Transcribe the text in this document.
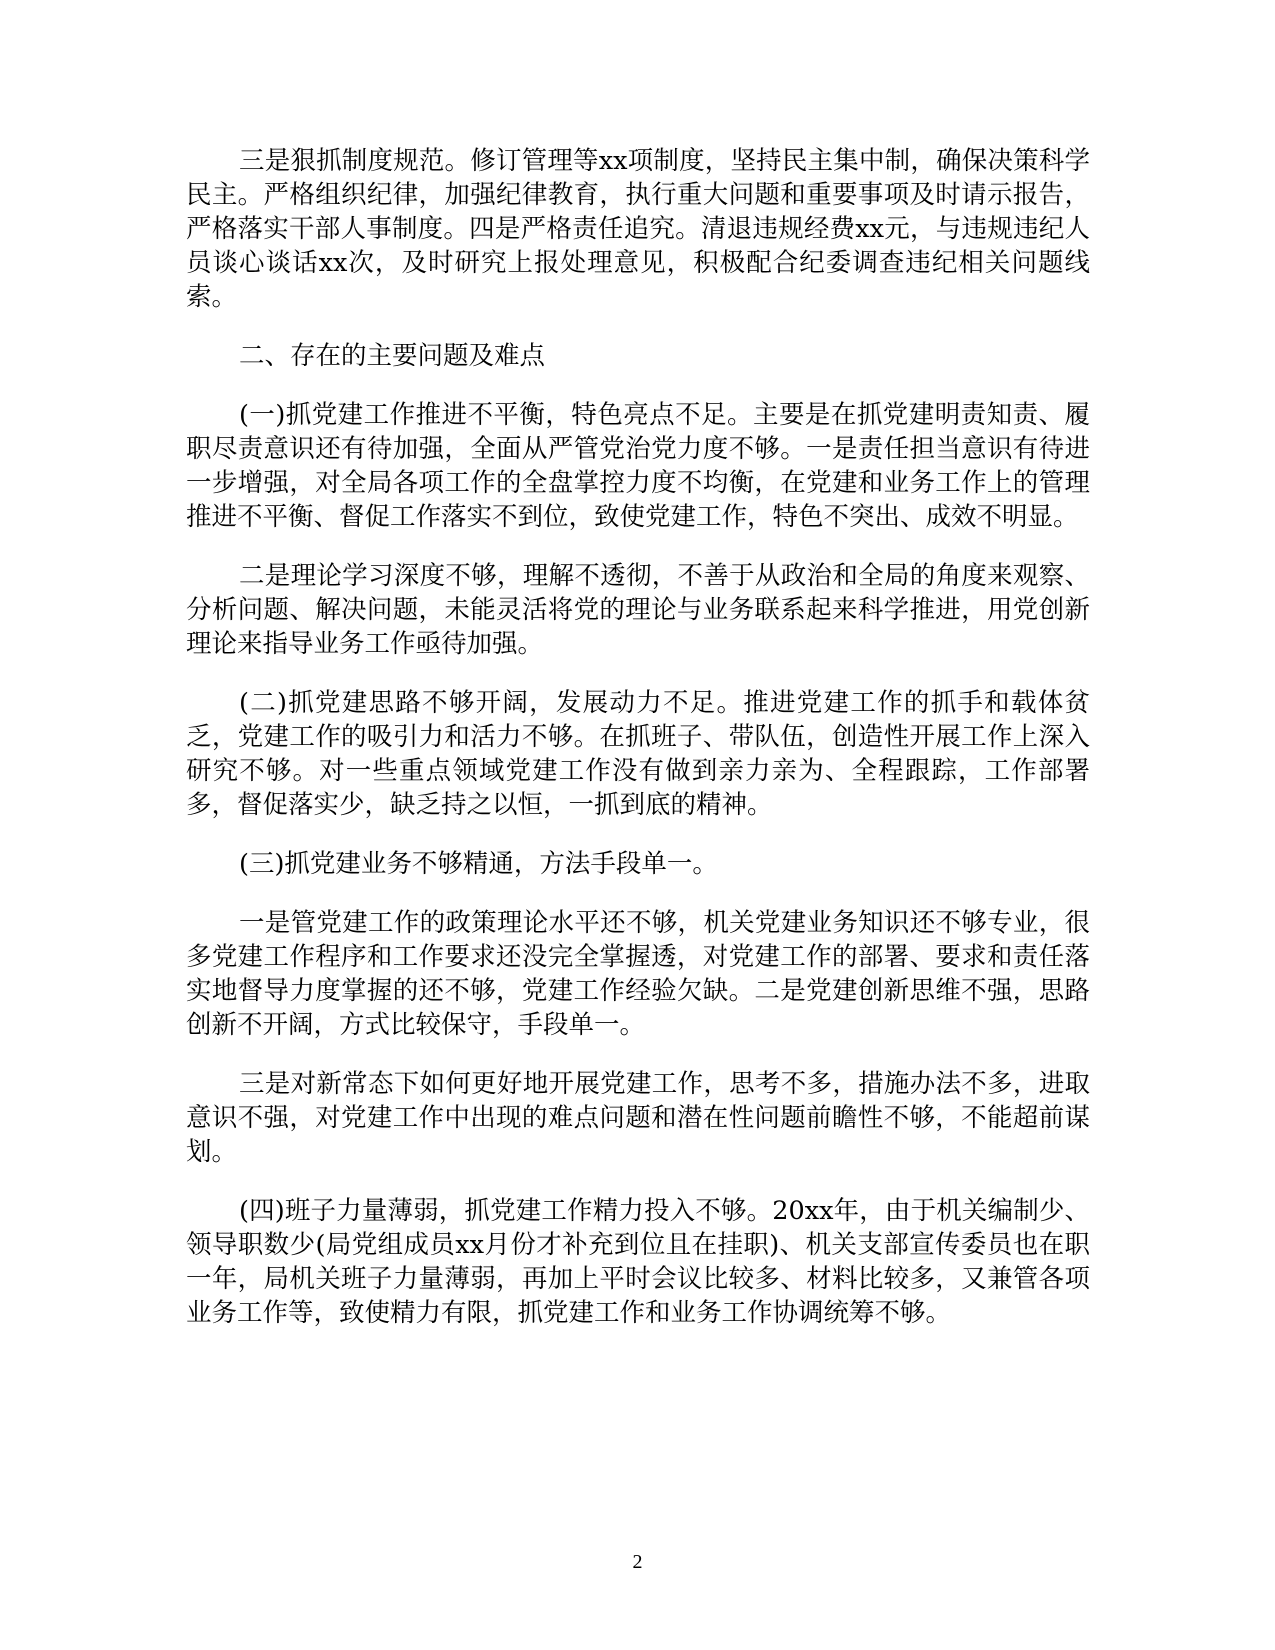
三是狠抓制度规范。修订管理等xx项制度，坚持民主集中制，确保决策科学民主。严格组织纪律，加强纪律教育，执行重大问题和重要事项及时请示报告，严格落实干部人事制度。四是严格责任追究。清退违规经费xx元，与违规违纪人员谈心谈话xx次，及时研究上报处理意见，积极配合纪委调查违纪相关问题线索。

二、存在的主要问题及难点

(一)抓党建工作推进不平衡，特色亮点不足。主要是在抓党建明责知责、履职尽责意识还有待加强，全面从严管党治党力度不够。一是责任担当意识有待进一步增强，对全局各项工作的全盘掌控力度不均衡，在党建和业务工作上的管理推进不平衡、督促工作落实不到位，致使党建工作，特色不突出、成效不明显。

二是理论学习深度不够，理解不透彻，不善于从政治和全局的角度来观察、分析问题、解决问题，未能灵活将党的理论与业务联系起来科学推进，用党创新理论来指导业务工作亟待加强。

(二)抓党建思路不够开阔，发展动力不足。推进党建工作的抓手和载体贫乏，党建工作的吸引力和活力不够。在抓班子、带队伍，创造性开展工作上深入研究不够。对一些重点领域党建工作没有做到亲力亲为、全程跟踪，工作部署多，督促落实少，缺乏持之以恒，一抓到底的精神。

(三)抓党建业务不够精通，方法手段单一。

一是管党建工作的政策理论水平还不够，机关党建业务知识还不够专业，很多党建工作程序和工作要求还没完全掌握透，对党建工作的部署、要求和责任落实地督导力度掌握的还不够，党建工作经验欠缺。二是党建创新思维不强，思路创新不开阔，方式比较保守，手段单一。

三是对新常态下如何更好地开展党建工作，思考不多，措施办法不多，进取意识不强，对党建工作中出现的难点问题和潜在性问题前瞻性不够，不能超前谋划。

(四)班子力量薄弱，抓党建工作精力投入不够。20xx年，由于机关编制少、领导职数少(局党组成员xx月份才补充到位且在挂职)、机关支部宣传委员也在职一年，局机关班子力量薄弱，再加上平时会议比较多、材料比较多，又兼管各项业务工作等，致使精力有限，抓党建工作和业务工作协调统筹不够。

2
